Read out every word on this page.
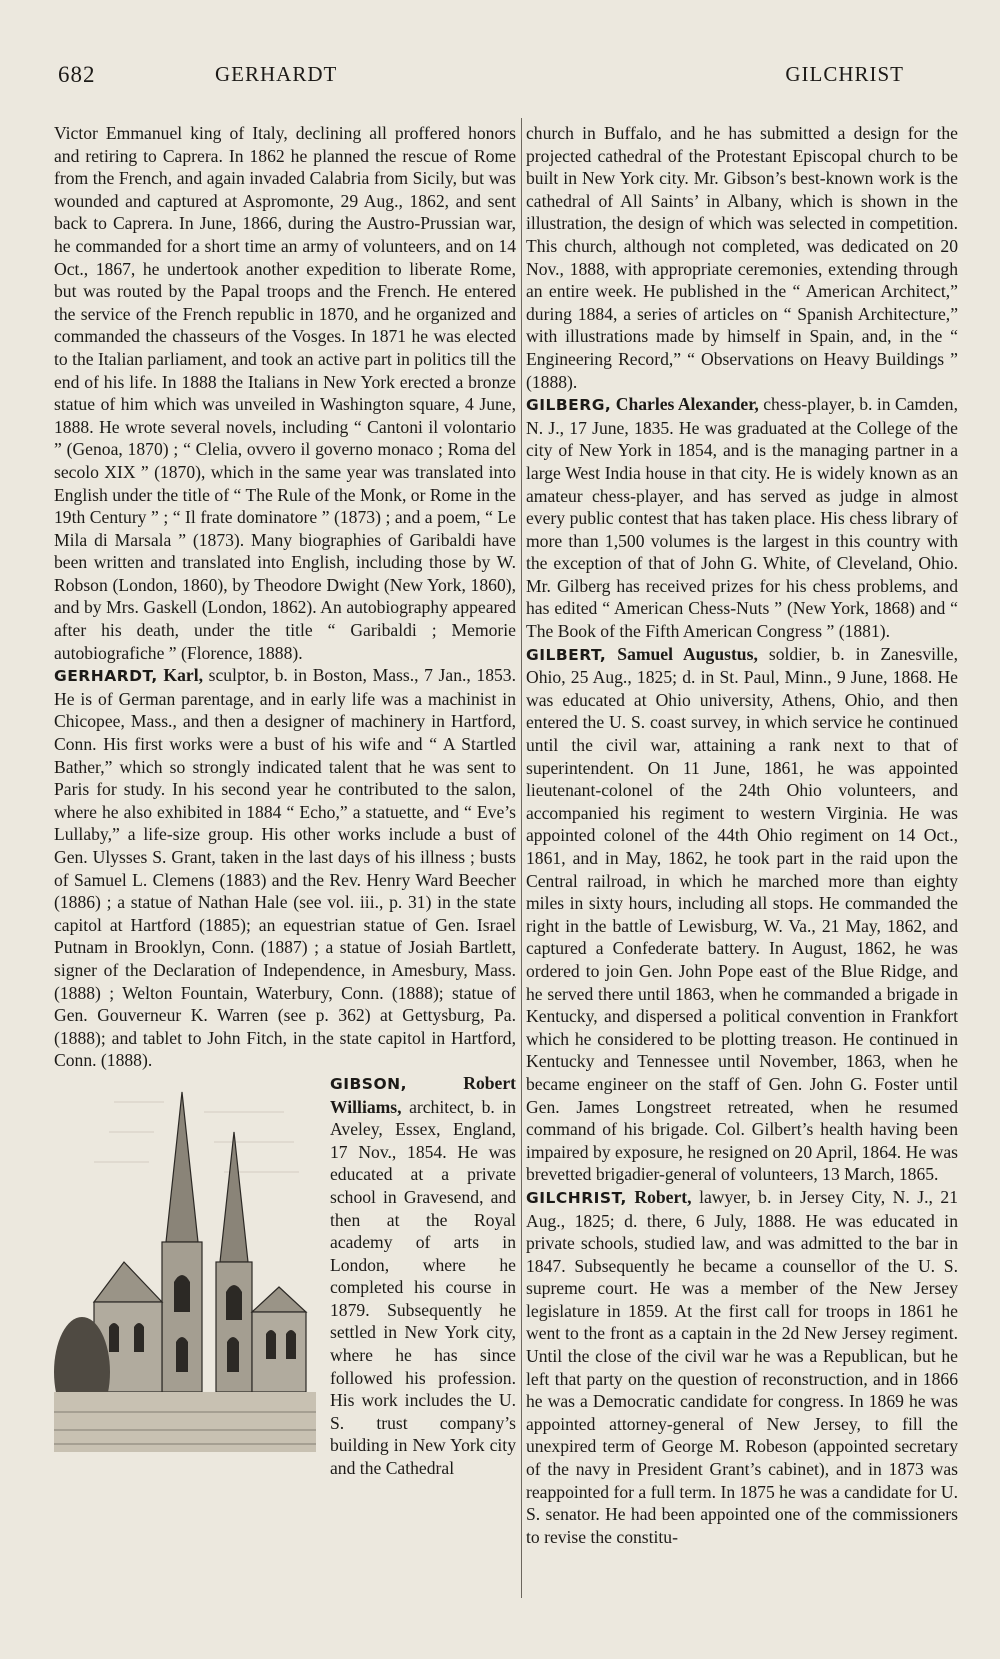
682	GERHARDT	GILCHRIST

Victor Emmanuel king of Italy, declining all proffered honors and retiring to Caprera. In 1862 he planned the rescue of Rome from the French, and again invaded Calabria from Sicily, but was wounded and captured at Aspromonte, 29 Aug., 1862, and sent back to Caprera. In June, 1866, during the Austro-Prussian war, he commanded for a short time an army of volunteers, and on 14 Oct., 1867, he undertook another expedition to liberate Rome, but was routed by the Papal troops and the French. He entered the service of the French republic in 1870, and he organized and commanded the chasseurs of the Vosges. In 1871 he was elected to the Italian parliament, and took an active part in politics till the end of his life. In 1888 the Italians in New York erected a bronze statue of him which was unveiled in Washington square, 4 June, 1888. He wrote several novels, including “ Cantoni il volontario ” (Genoa, 1870) ; “ Clelia, ovvero il governo monaco ; Roma del secolo XIX ” (1870), which in the same year was translated into English under the title of “ The Rule of the Monk, or Rome in the 19th Century ” ; “ Il frate dominatore ” (1873) ; and a poem, “ Le Mila di Marsala ” (1873). Many biographies of Garibaldi have been written and translated into English, including those by W. Robson (London, 1860), by Theodore Dwight (New York, 1860), and by Mrs. Gaskell (London, 1862). An autobiography appeared after his death, under the title “ Garibaldi ; Memorie autobiografiche ” (Florence, 1888).

GERHARDT, Karl, sculptor, b. in Boston, Mass., 7 Jan., 1853. He is of German parentage, and in early life was a machinist in Chicopee, Mass., and then a designer of machinery in Hartford, Conn. His first works were a bust of his wife and “ A Startled Bather,” which so strongly indicated talent that he was sent to Paris for study. In his second year he contributed to the salon, where he also exhibited in 1884 “ Echo,” a statuette, and “ Eve’s Lullaby,” a life-size group. His other works include a bust of Gen. Ulysses S. Grant, taken in the last days of his illness ; busts of Samuel L. Clemens (1883) and the Rev. Henry Ward Beecher (1886) ; a statue of Nathan Hale (see vol. iii., p. 31) in the state capitol at Hartford (1885); an equestrian statue of Gen. Israel Putnam in Brooklyn, Conn. (1887) ; a statue of Josiah Bartlett, signer of the Declaration of Independence, in Amesbury, Mass. (1888) ; Welton Fountain, Waterbury, Conn. (1888); statue of Gen. Gouverneur K. Warren (see p. 362) at Gettysburg, Pa. (1888); and tablet to John Fitch, in the state capitol in Hartford, Conn. (1888).

GIBSON,	Robert Williams, architect, b. in Aveley, Essex, England, 17 Nov., 1854. He was educated at a private school in Gravesend, and then at the Royal academy of arts in London, where he completed his course in 1879. Subsequently he settled in New York city, where he has since followed his profession. His work includes the U. S. trust company’s building in New York city and the Cathedral

church in Buffalo, and he has submitted a design for the projected cathedral of the Protestant Episcopal church to be built in New York city. Mr. Gibson’s best-known work is the cathedral of All Saints’ in Albany, which is shown in the illustration, the design of which was selected in competition. This church, although not completed, was dedicated on 20 Nov., 1888, with appropriate ceremonies, extending through an entire week. He published in the “ American Architect,” during 1884, a series of articles on “ Spanish Architecture,” with illustrations made by himself in Spain, and, in the “ Engineering Record,” “ Observations on Heavy Buildings ” (1888).

GILBERG, Charles Alexander, chess-player, b. in Camden, N. J., 17 June, 1835. He was graduated at the College of the city of New York in 1854, and is the managing partner in a large West India house in that city. He is widely known as an amateur chess-player, and has served as judge in almost every public contest that has taken place. His chess library of more than 1,500 volumes is the largest in this country with the exception of that of John G. White, of Cleveland, Ohio. Mr. Gilberg has received prizes for his chess problems, and has edited “ American Chess-Nuts ” (New York, 1868) and “ The Book of the Fifth American Congress ” (1881).

GILBERT, Samuel Augustus, soldier, b. in Zanesville, Ohio, 25 Aug., 1825; d. in St. Paul, Minn., 9 June, 1868. He was educated at Ohio university, Athens, Ohio, and then entered the U. S. coast survey, in which service he continued until the civil war, attaining a rank next to that of superintendent. On 11 June, 1861, he was appointed lieutenant-colonel of the 24th Ohio volunteers, and accompanied his regiment to western Virginia. He was appointed colonel of the 44th Ohio regiment on 14 Oct., 1861, and in May, 1862, he took part in the raid upon the Central railroad, in which he marched more than eighty miles in sixty hours, including all stops. He commanded the right in the battle of Lewisburg, W. Va., 21 May, 1862, and captured a Confederate battery. In August, 1862, he was ordered to join Gen. John Pope east of the Blue Ridge, and he served there until 1863, when he commanded a brigade in Kentucky, and dispersed a political convention in Frankfort which he considered to be plotting treason. He continued in Kentucky and Tennessee until November, 1863, when he became engineer on the staff of Gen. John G. Foster until Gen. James Longstreet retreated, when he resumed command of his brigade. Col. Gilbert’s health having been impaired by exposure, he resigned on 20 April, 1864. He was brevetted brigadier-general of volunteers, 13 March, 1865.

GILCHRIST, Robert, lawyer, b. in Jersey City, N. J., 21 Aug., 1825; d. there, 6 July, 1888. He was educated in private schools, studied law, and was admitted to the bar in 1847. Subsequently he became a counsellor of the U. S. supreme court. He was a member of the New Jersey legislature in 1859. At the first call for troops in 1861 he went to the front as a captain in the 2d New Jersey regiment. Until the close of the civil war he was a Republican, but he left that party on the question of reconstruction, and in 1866 he was a Democratic candidate for congress. In 1869 he was appointed attorney-general of New Jersey, to fill the unexpired term of George M. Robeson (appointed secretary of the navy in President Grant’s cabinet), and in 1873 was reappointed for a full term. In 1875 he was a candidate for U. S. senator. He had been appointed one of the commissioners to revise the constitu-
